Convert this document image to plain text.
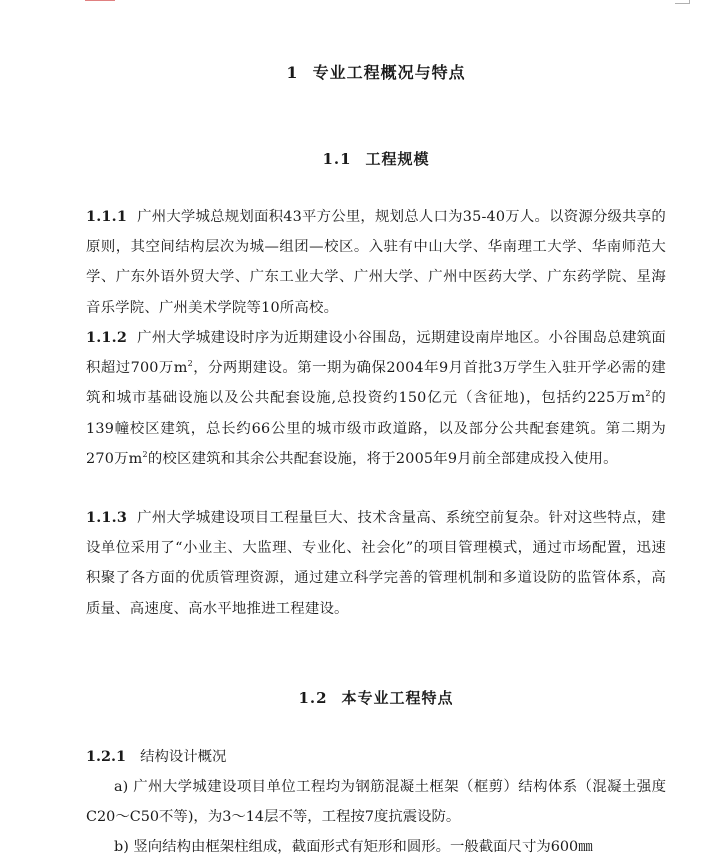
1 专业工程概况与特点
1.1 工程规模

1.1.1 广州大学城总规划面积43平方公里，规划总人口为35-40万人。以资源分级共享的原则，其空间结构层次为城—组团—校区。入驻有中山大学、华南理工大学、华南师范大学、广东外语外贸大学、广东工业大学、广州大学、广州中医药大学、广东药学院、星海音乐学院、广州美术学院等10所高校。

1.1.2 广州大学城建设时序为近期建设小谷围岛，远期建设南岸地区。小谷围岛总建筑面积超过700万$m^2$，分两期建设。第一期为确保2004年9月首批3万学生入驻开学必需的建筑和城市基础设施以及公共配套设施,总投资约150亿元（含征地)，包括约225万$m^2$的139幢校区建筑，总长约66公里的城市级市政道路，以及部分公共配套建筑。第二期为270万$m^2$的校区建筑和其余公共配套设施，将于2005年9月前全部建成投入使用。

1.1.3 广州大学城建设项目工程量巨大、技术含量高、系统空前复杂。针对这些特点，建设单位采用了“小业主、大监理、专业化、社会化”的项目管理模式，通过市场配置，迅速积聚了各方面的优质管理资源，通过建立科学完善的管理机制和多道设防的监管体系，高质量、高速度、高水平地推进工程建设。

1.2 本专业工程特点

1.2.1 结构设计概况

a) 广州大学城建设项目单位工程均为钢筋混凝土框架（框剪）结构体系（混凝土强度C20～C50不等)，为3～14层不等，工程按7度抗震设防。

b) 竖向结构由框架柱组成，截面形式有矩形和圆形。一般截面尺寸为600㎜
